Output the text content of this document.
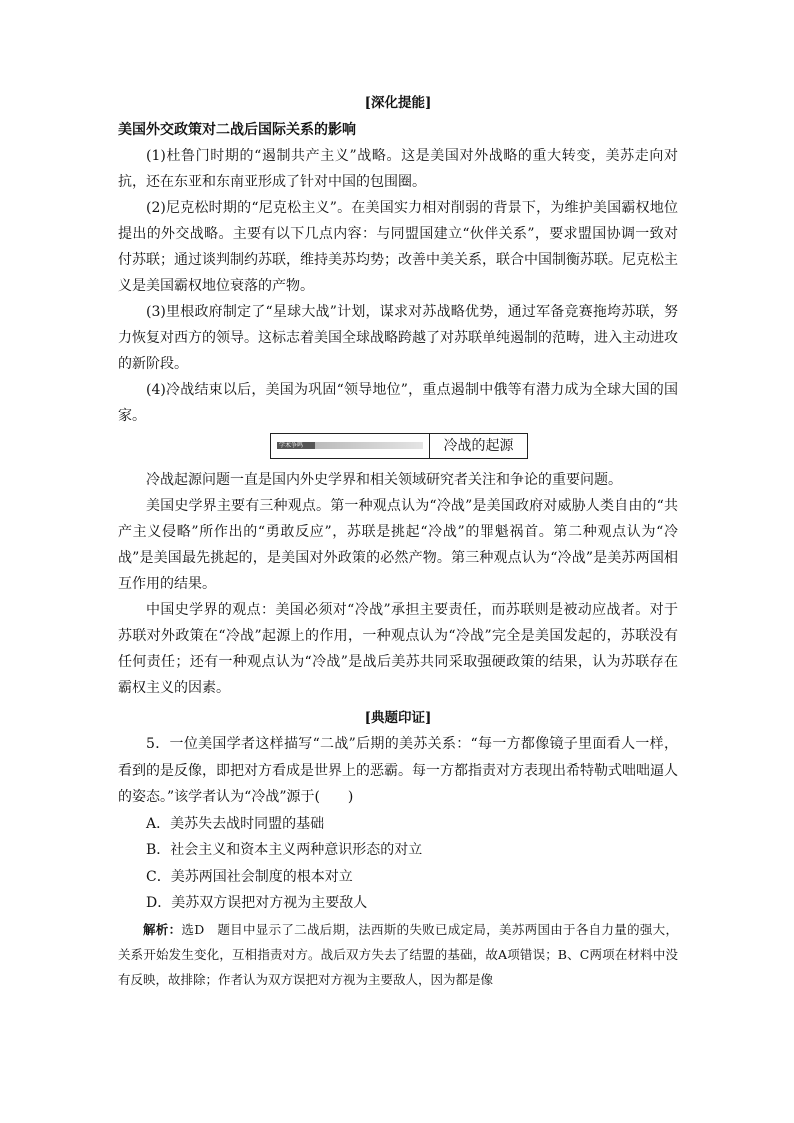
[深化提能]

美国外交政策对二战后国际关系的影响

(1)杜鲁门时期的“遏制共产主义”战略。这是美国对外战略的重大转变，美苏走向对抗，还在东亚和东南亚形成了针对中国的包围圈。

(2)尼克松时期的“尼克松主义”。在美国实力相对削弱的背景下，为维护美国霸权地位提出的外交战略。主要有以下几点内容：与同盟国建立“伙伴关系”，要求盟国协调一致对付苏联；通过谈判制约苏联，维持美苏均势；改善中美关系，联合中国制衡苏联。尼克松主义是美国霸权地位衰落的产物。

(3)里根政府制定了“星球大战”计划，谋求对苏战略优势，通过军备竞赛拖垮苏联，努力恢复对西方的领导。这标志着美国全球战略跨越了对苏联单纯遏制的范畴，进入主动进攻的新阶段。

(4)冷战结束以后，美国为巩固“领导地位”，重点遏制中俄等有潜力成为全球大国的国家。

学术争鸣	冷战的起源

冷战起源问题一直是国内外史学界和相关领域研究者关注和争论的重要问题。

美国史学界主要有三种观点。第一种观点认为“冷战”是美国政府对威胁人类自由的“共产主义侵略”所作出的“勇敢反应”，苏联是挑起“冷战”的罪魁祸首。第二种观点认为“冷战”是美国最先挑起的，是美国对外政策的必然产物。第三种观点认为“冷战”是美苏两国相互作用的结果。

中国史学界的观点：美国必须对“冷战”承担主要责任，而苏联则是被动应战者。对于苏联对外政策在“冷战”起源上的作用，一种观点认为“冷战”完全是美国发起的，苏联没有任何责任；还有一种观点认为“冷战”是战后美苏共同采取强硬政策的结果，认为苏联存在霸权主义的因素。

[典题印证]

5．一位美国学者这样描写“二战”后期的美苏关系：“每一方都像镜子里面看人一样，看到的是反像，即把对方看成是世界上的恶霸。每一方都指责对方表现出希特勒式咄咄逼人的姿态。”该学者认为“冷战”源于(　　)

A．美苏失去战时同盟的基础

B．社会主义和资本主义两种意识形态的对立

C．美苏两国社会制度的根本对立

D．美苏双方误把对方视为主要敌人

解析：选D　题目中显示了二战后期，法西斯的失败已成定局，美苏两国由于各自力量的强大，关系开始发生变化，互相指责对方。战后双方失去了结盟的基础，故A项错误；B、C两项在材料中没有反映，故排除；作者认为双方误把对方视为主要敌人，因为都是像
